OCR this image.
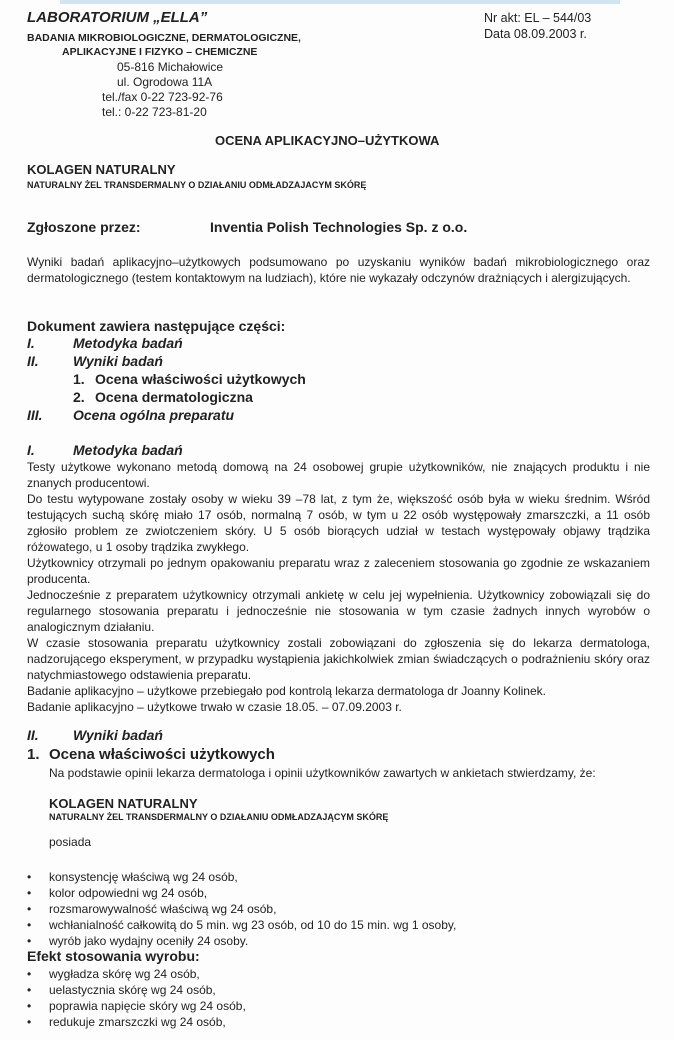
LABORATORIUM „ELLA”
BADANIA MIKROBIOLOGICZNE, DERMATOLOGICZNE,
APLIKACYJNE I FIZYKO – CHEMICZNE
05-816 Michałowice
ul. Ogrodowa 11A
tel./fax 0-22 723-92-76
tel.: 0-22 723-81-20
Nr akt: EL – 544/03
Data 08.09.2003 r.
OCENA APLIKACYJNO–UŻYTKOWA
KOLAGEN NATURALNY
NATURALNY ŻEL TRANSDERMALNY O DZIAŁANIU ODMŁADZAJACYM SKÓRĘ
Zgłoszone przez:	Inventia Polish Technologies Sp. z o.o.
Wyniki badań aplikacyjno–użytkowych podsumowano po uzyskaniu wyników badań mikrobiologicznego oraz dermatologicznego (testem kontaktowym na ludziach), które nie wykazały odczynów drażniących i alergizujących.
Dokument zawiera następujące części:
I.	Metodyka badań
II. Wyniki badań
1. Ocena właściwości użytkowych
2. Ocena dermatologiczna
III. Ocena ogólna preparatu
I.	Metodyka badań
Testy użytkowe wykonano metodą domową na 24 osobowej grupie użytkowników, nie znających produktu i nie znanych producentowi.
Do testu wytypowane zostały osoby w wieku 39 –78 lat, z tym że, większość osób była w wieku średnim. Wśród testujących suchą skórę miało 17 osób, normalną 7 osób, w tym u 22 osób występowały zmarszczki, a 11 osób zgłosiło problem ze zwiotczeniem skóry. U 5 osób biorących udział w testach występowały objawy trądzika różowatego, u 1 osoby trądzika zwykłego.
Użytkownicy otrzymali po jednym opakowaniu preparatu wraz z zaleceniem stosowania go zgodnie ze wskazaniem producenta.
Jednocześnie z preparatem użytkownicy otrzymali ankietę w celu jej wypełnienia. Użytkownicy zobowiązali się do regularnego stosowania preparatu i jednocześnie nie stosowania w tym czasie żadnych innych wyrobów o analogicznym działaniu.
W czasie stosowania preparatu użytkownicy zostali zobowiązani do zgłoszenia się do lekarza dermatologa, nadzorującego eksperyment, w przypadku wystąpienia jakichkolwiek zmian świadczących o podrażnieniu skóry oraz natychmiastowego odstawienia preparatu.
Badanie aplikacyjno – użytkowe przebiegało pod kontrolą lekarza dermatologa dr Joanny Kolinek.
Badanie aplikacyjno – użytkowe trwało w czasie 18.05. – 07.09.2003 r.
II. Wyniki badań
1. Ocena właściwości użytkowych
Na podstawie opinii lekarza dermatologa i opinii użytkowników zawartych w ankietach stwierdzamy, że:
KOLAGEN NATURALNY
NATURALNY ŻEL TRANSDERMALNY O DZIAŁANIU ODMŁADZAJĄCYM SKÓRĘ
posiada
• konsystencję właściwą wg 24 osób,
• kolor odpowiedni wg 24 osób,
• rozsmarowywalność właściwą wg 24 osób,
• wchłanialność całkowitą do 5 min. wg 23 osób, od 10 do 15 min. wg 1 osoby,
• wyrób jako wydajny oceniły 24 osoby.
Efekt stosowania wyrobu:
• wygładza skórę wg 24 osób,
• uelastycznia skórę wg 24 osób,
• poprawia napięcie skóry wg 24 osób,
• redukuje zmarszczki wg 24 osób,
